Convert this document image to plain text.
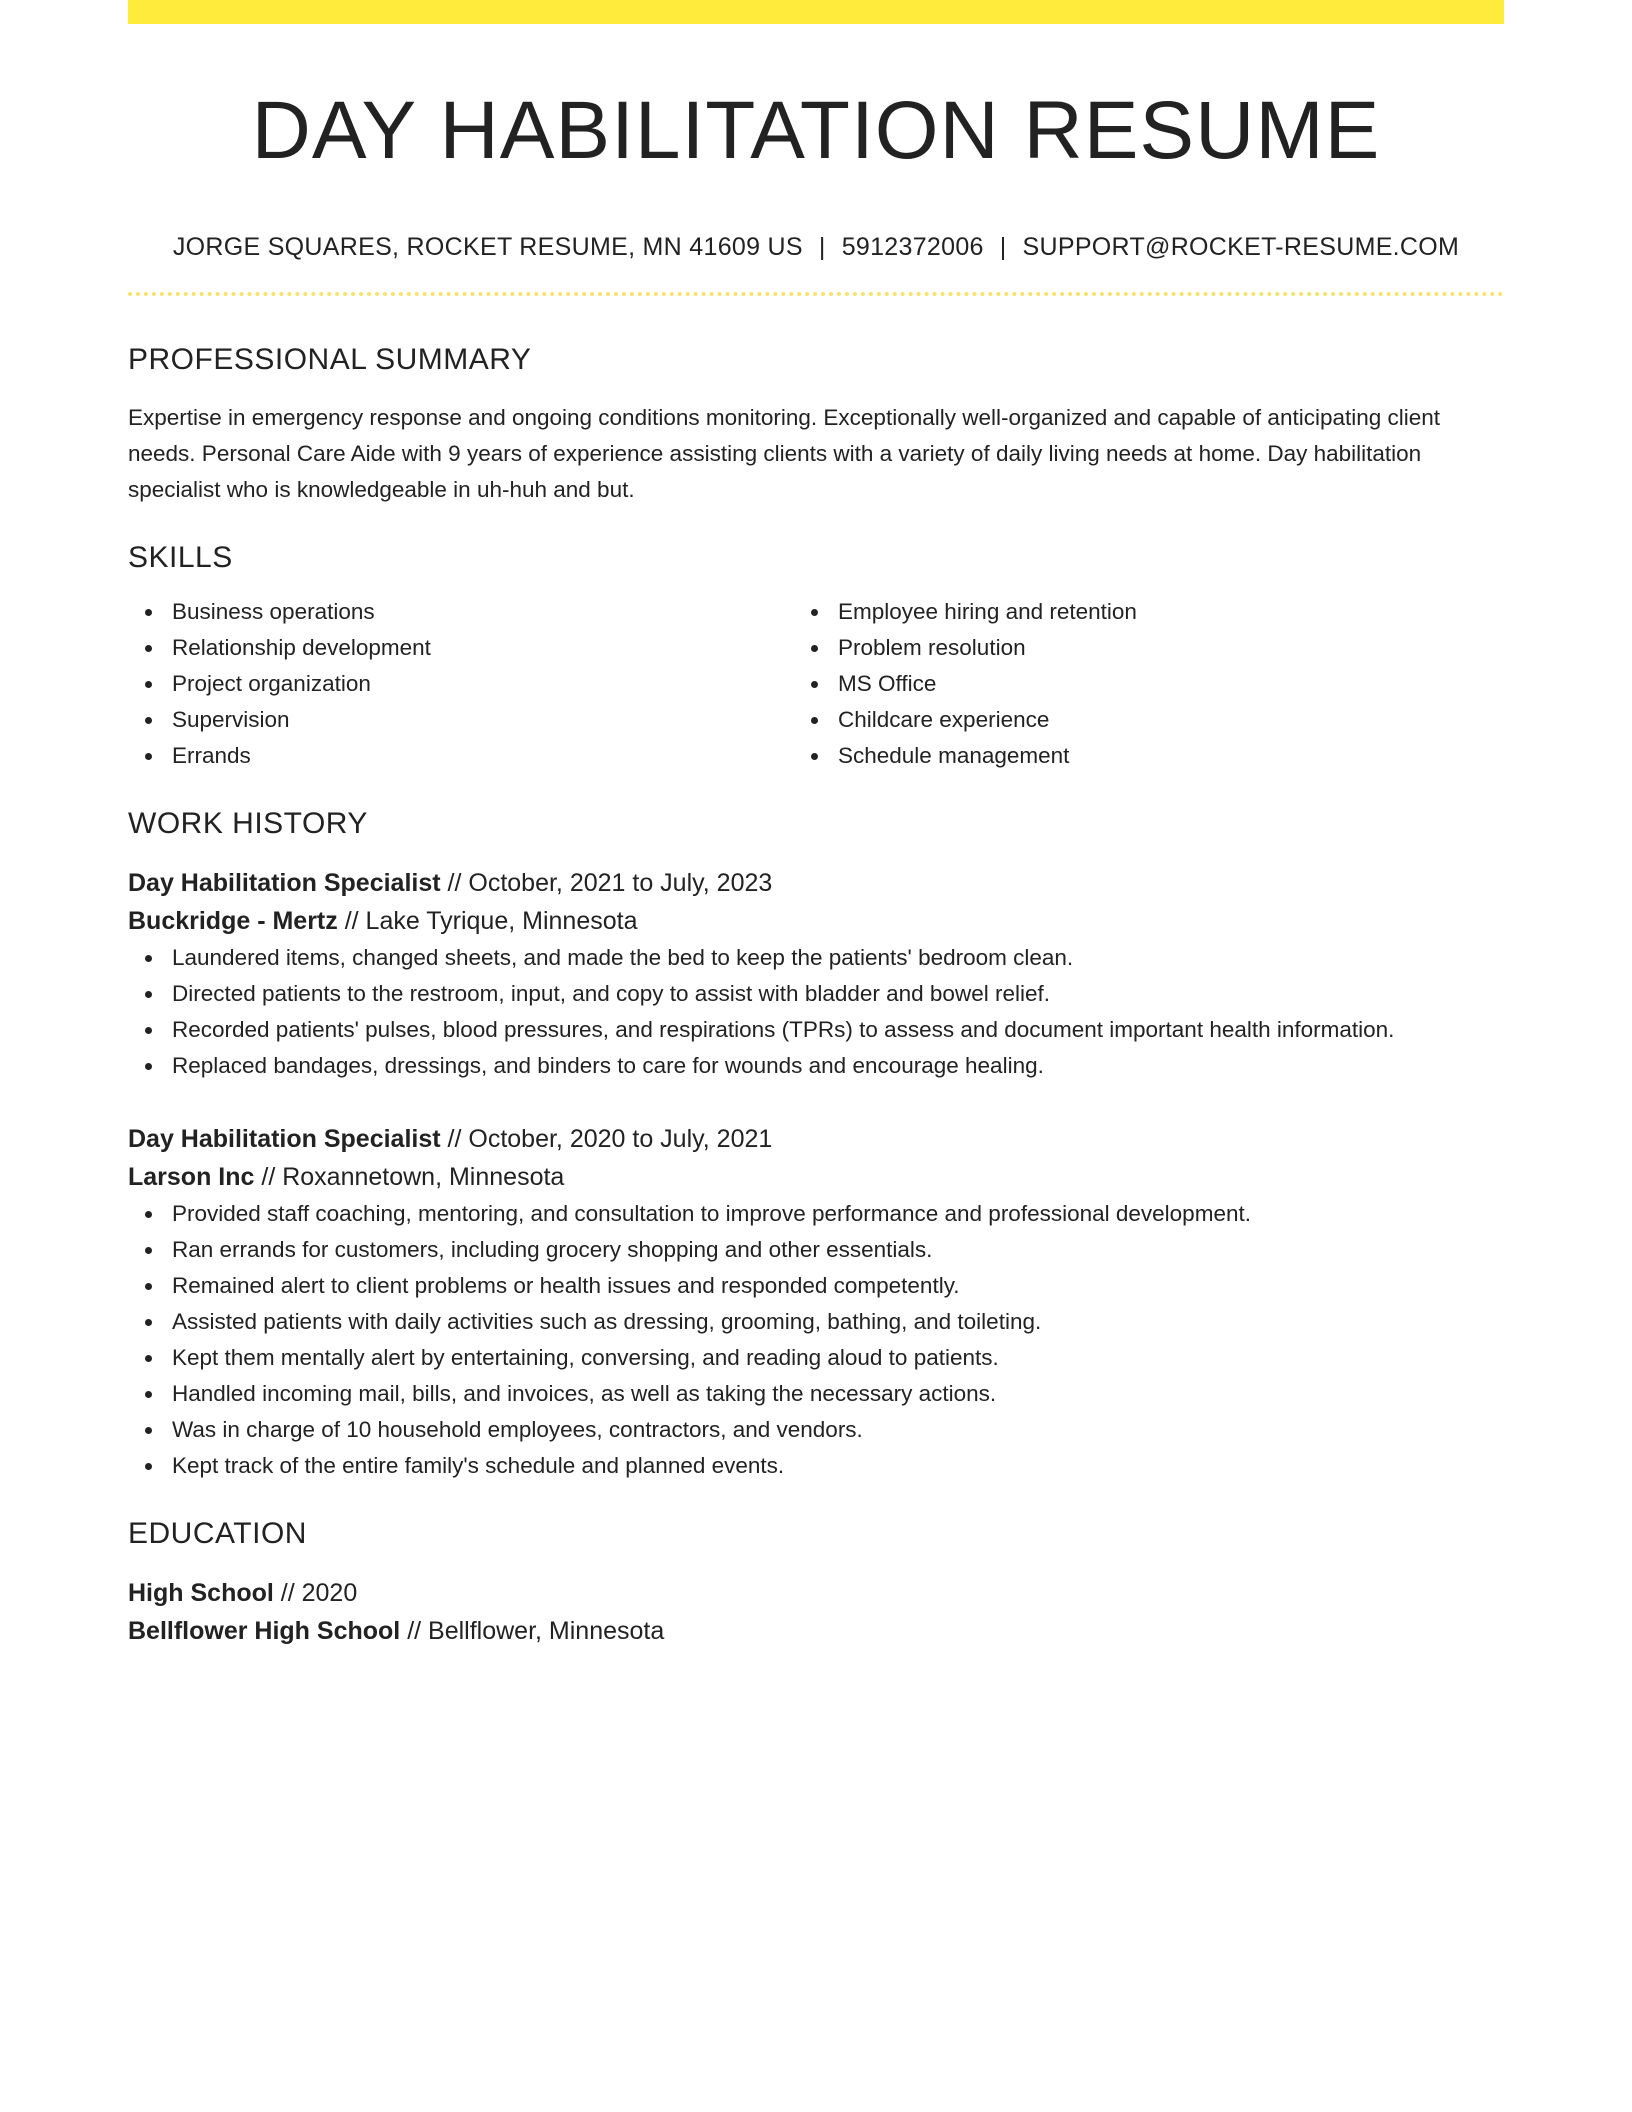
DAY HABILITATION RESUME
JORGE SQUARES, ROCKET RESUME, MN 41609 US | 5912372006 | SUPPORT@ROCKET-RESUME.COM
PROFESSIONAL SUMMARY

Expertise in emergency response and ongoing conditions monitoring. Exceptionally well-organized and capable of anticipating client needs. Personal Care Aide with 9 years of experience assisting clients with a variety of daily living needs at home. Day habilitation specialist who is knowledgeable in uh-huh and but.

SKILLS
Business operations
Relationship development
Project organization
Supervision
Errands
Employee hiring and retention
Problem resolution
MS Office
Childcare experience
Schedule management
WORK HISTORY
Day Habilitation Specialist // October, 2021 to July, 2023
Buckridge - Mertz // Lake Tyrique, Minnesota
Laundered items, changed sheets, and made the bed to keep the patients' bedroom clean.
Directed patients to the restroom, input, and copy to assist with bladder and bowel relief.
Recorded patients' pulses, blood pressures, and respirations (TPRs) to assess and document important health information.
Replaced bandages, dressings, and binders to care for wounds and encourage healing.
Day Habilitation Specialist // October, 2020 to July, 2021
Larson Inc // Roxannetown, Minnesota
Provided staff coaching, mentoring, and consultation to improve performance and professional development.
Ran errands for customers, including grocery shopping and other essentials.
Remained alert to client problems or health issues and responded competently.
Assisted patients with daily activities such as dressing, grooming, bathing, and toileting.
Kept them mentally alert by entertaining, conversing, and reading aloud to patients.
Handled incoming mail, bills, and invoices, as well as taking the necessary actions.
Was in charge of 10 household employees, contractors, and vendors.
Kept track of the entire family's schedule and planned events.
EDUCATION
High School // 2020
Bellflower High School // Bellflower, Minnesota
